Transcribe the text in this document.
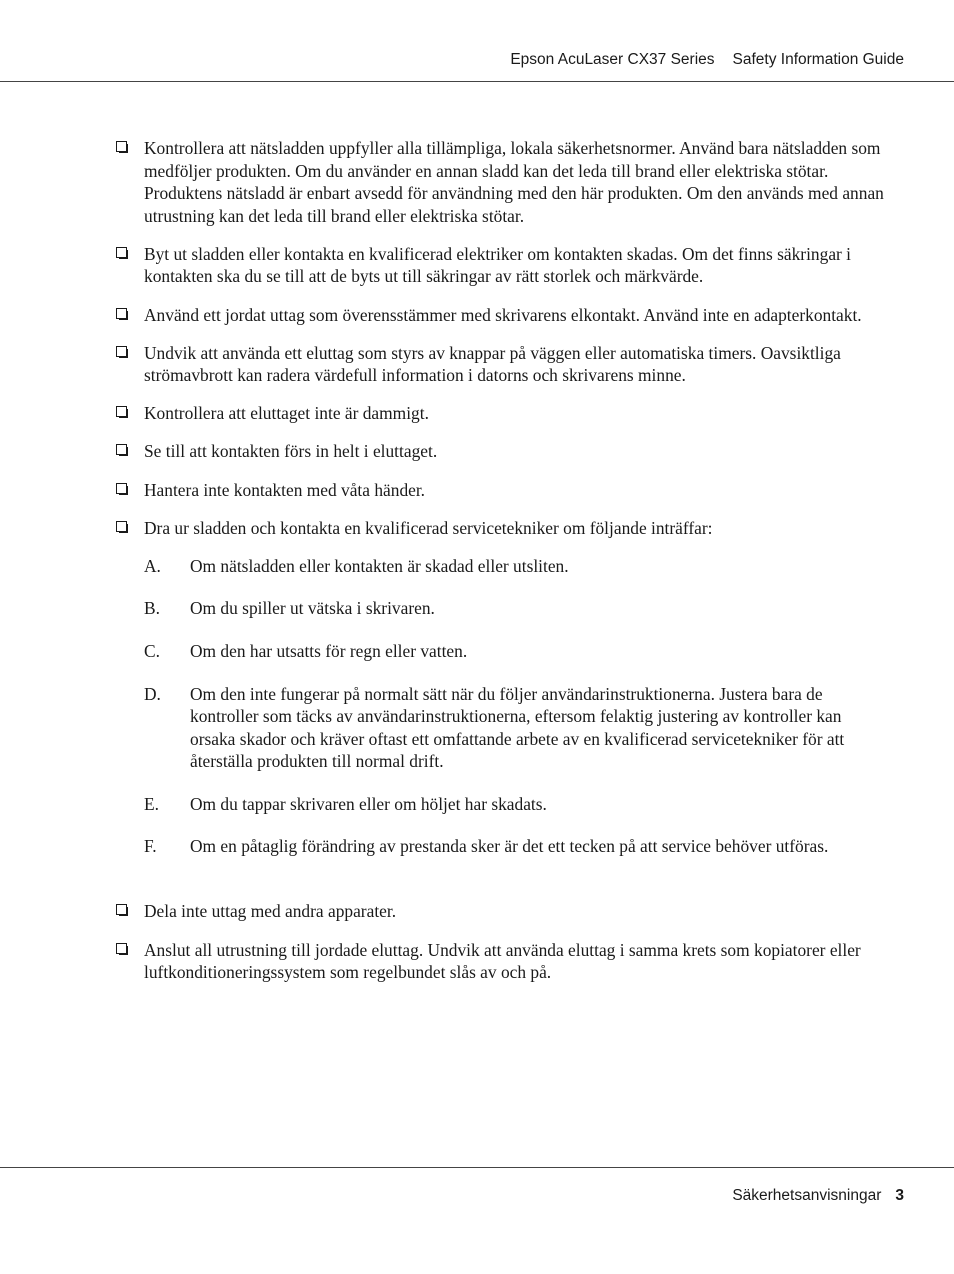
Epson AcuLaser CX37 Series Safety Information Guide
Kontrollera att nätsladden uppfyller alla tillämpliga, lokala säkerhetsnormer. Använd bara nätsladden som medföljer produkten. Om du använder en annan sladd kan det leda till brand eller elektriska stötar. Produktens nätsladd är enbart avsedd för användning med den här produkten. Om den används med annan utrustning kan det leda till brand eller elektriska stötar.
Byt ut sladden eller kontakta en kvalificerad elektriker om kontakten skadas. Om det finns säkringar i kontakten ska du se till att de byts ut till säkringar av rätt storlek och märkvärde.
Använd ett jordat uttag som överensstämmer med skrivarens elkontakt. Använd inte en adapterkontakt.
Undvik att använda ett eluttag som styrs av knappar på väggen eller automatiska timers. Oavsiktliga strömavbrott kan radera värdefull information i datorns och skrivarens minne.
Kontrollera att eluttaget inte är dammigt.
Se till att kontakten förs in helt i eluttaget.
Hantera inte kontakten med våta händer.
Dra ur sladden och kontakta en kvalificerad servicetekniker om följande inträffar:
A. Om nätsladden eller kontakten är skadad eller utsliten.
B. Om du spiller ut vätska i skrivaren.
C. Om den har utsatts för regn eller vatten.
D. Om den inte fungerar på normalt sätt när du följer användarinstruktionerna. Justera bara de kontroller som täcks av användarinstruktionerna, eftersom felaktig justering av kontroller kan orsaka skador och kräver oftast ett omfattande arbete av en kvalificerad servicetekniker för att återställa produkten till normal drift.
E. Om du tappar skrivaren eller om höljet har skadats.
F. Om en påtaglig förändring av prestanda sker är det ett tecken på att service behöver utföras.
Dela inte uttag med andra apparater.
Anslut all utrustning till jordade eluttag. Undvik att använda eluttag i samma krets som kopiatorer eller luftkonditioneringssystem som regelbundet slås av och på.
Säkerhetsanvisningar 3
